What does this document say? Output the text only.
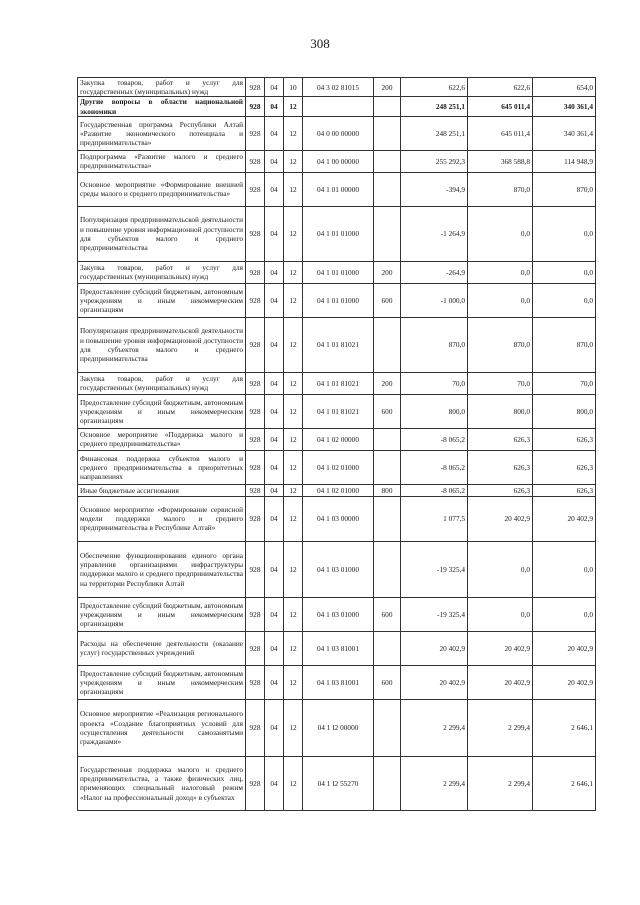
308
Закупка товаров, работ и услуг для государственных (муниципальных) нужд	928	04	10	04 3 02 81015	200	622,6	622,6	654,0
Другие вопросы в области национальной экономики	928	04	12			248 251,1	645 011,4	340 361,4
Государственная программа Республики Алтай «Развитие экономического потенциала и предпринимательства»	928	04	12	04 0 00 00000		248 251,1	645 011,4	340 361,4
Подпрограмма «Развитие малого и среднего предпринимательства»	928	04	12	04 1 00 00000		255 292,3	368 588,8	114 948,9
Основное мероприятие «Формирование внешней среды малого и среднего предпринимательства»	928	04	12	04 1 01 00000		-394,9	870,0	870,0
Популяризация предпринимательской деятельности и повышение уровня информационной доступности для субъектов малого и среднего предпринимательства	928	04	12	04 1 01 01000		-1 264,9	0,0	0,0
Закупка товаров, работ и услуг для государственных (муниципальных) нужд	928	04	12	04 1 01 01000	200	-264,9	0,0	0,0
Предоставление субсидий бюджетным, автономным учреждениям и иным некоммерческим организациям	928	04	12	04 1 01 01000	600	-1 000,0	0,0	0,0
Популяризация предпринимательской деятельности и повышение уровня информационной доступности для субъектов малого и среднего предпринимательства	928	04	12	04 1 01 81021		870,0	870,0	870,0
Закупка товаров, работ и услуг для государственных (муниципальных) нужд	928	04	12	04 1 01 81021	200	70,0	70,0	70,0
Предоставление субсидий бюджетным, автономным учреждениям и иным некоммерческим организациям	928	04	12	04 1 01 81021	600	800,0	800,0	800,0
Основное мероприятие «Поддержка малого и среднего предпринимательства»	928	04	12	04 1 02 00000		-8 065,2	626,3	626,3
Финансовая поддержка субъектов малого и среднего предпринимательства в приоритетных направлениях	928	04	12	04 1 02 01000		-8 065,2	626,3	626,3
Иные бюджетные ассигнования	928	04	12	04 1 02 01000	800	-8 065,2	626,3	626,3
Основное мероприятие «Формирование сервисной модели поддержки малого и среднего предпринимательства в Республике Алтай»	928	04	12	04 1 03 00000		1 077,5	20 402,9	20 402,9
Обеспечение функционирования единого органа управления организациями инфраструктуры поддержки малого и среднего предпринимательства на территории Республики Алтай	928	04	12	04 1 03 01000		-19 325,4	0,0	0,0
Предоставление субсидий бюджетным, автономным учреждениям и иным некоммерческим организациям	928	04	12	04 1 03 01000	600	-19 325,4	0,0	0,0
Расходы на обеспечение деятельности (оказание услуг) государственных учреждений	928	04	12	04 1 03 81001		20 402,9	20 402,9	20 402,9
Предоставление субсидий бюджетным, автономным учреждениям и иным некоммерческим организациям	928	04	12	04 1 03 81001	600	20 402,9	20 402,9	20 402,9
Основное мероприятие «Реализация регионального проекта «Создание благоприятных условий для осуществления деятельности самозанятыми гражданами»	928	04	12	04 1 I2 00000		2 299,4	2 299,4	2 646,1
Государственная поддержка малого и среднего предпринимательства, а также физических лиц, применяющих специальный налоговый режим «Налог на профессиональный доход» в субъектах	928	04	12	04 1 I2 55270		2 299,4	2 299,4	2 646,1
